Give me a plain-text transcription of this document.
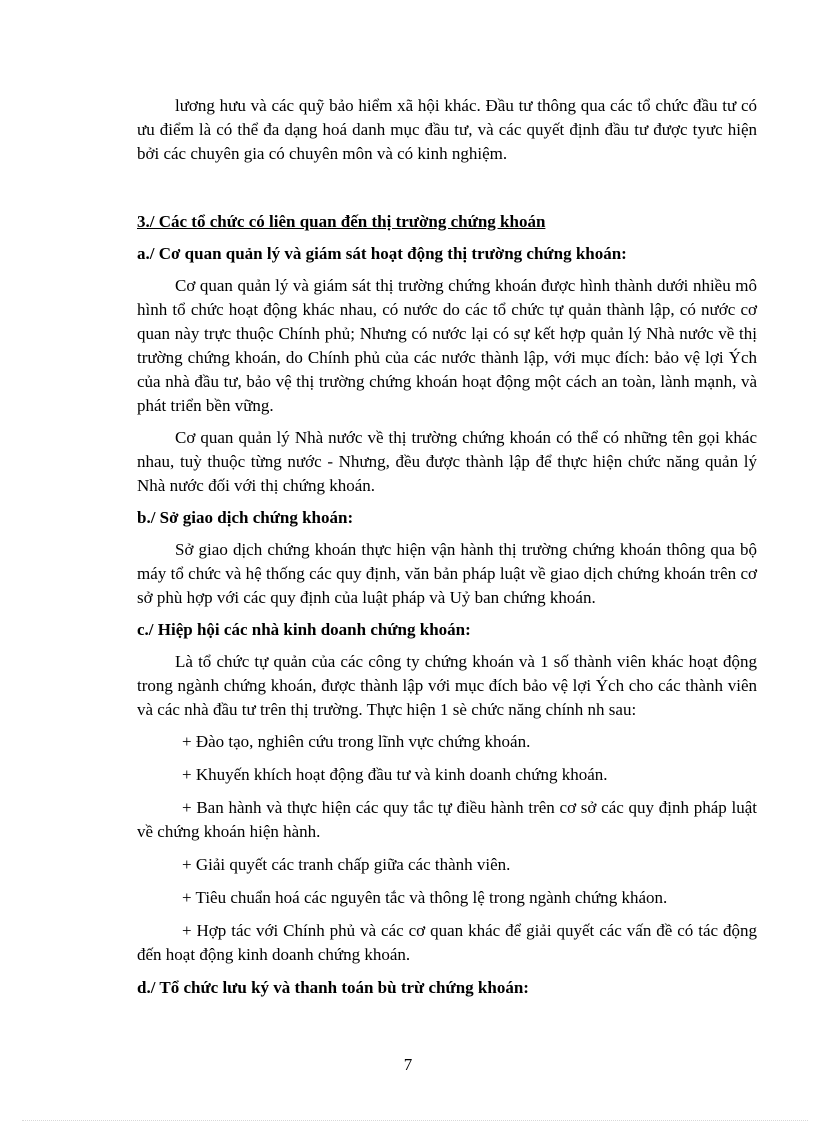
lương hưu và các quỹ bảo hiểm xã hội khác. Đầu tư thông qua các tổ chức đầu tư có ưu điểm là có thể đa dạng hoá danh mục đầu tư, và các quyết định đầu tư được tyưc hiện bởi các chuyên gia có chuyên môn và có kinh nghiệm.

3./ Các tổ chức có liên quan đến thị trường chứng khoán

a./ Cơ quan quản lý và giám sát hoạt động thị trường chứng khoán:

Cơ quan quản lý và giám sát thị trường chứng khoán được hình thành dưới nhiều mô hình tổ chức hoạt động khác nhau, có nước do các tổ chức tự quản thành lập, có nước cơ quan này trực thuộc Chính phủ; Nhưng có nước lại có sự kết hợp quản lý Nhà nước về thị trường chứng khoán, do Chính phủ của các nước thành lập, với mục đích: bảo vệ lợi Ých của nhà đầu tư, bảo vệ thị trường chứng khoán hoạt động một cách an toàn, lành mạnh, và phát triển bền vững.

Cơ quan quản lý Nhà nước về thị trường chứng khoán có thể có những tên gọi khác nhau, tuỳ thuộc từng nước - Nhưng, đều được thành lập để thực hiện chức năng quản lý Nhà nước đối với thị chứng khoán.

b./ Sở giao dịch chứng khoán:

Sở giao dịch chứng khoán thực hiện vận hành thị trường chứng khoán thông qua bộ máy tổ chức và hệ thống các quy định, văn bản pháp luật về giao dịch chứng khoán trên cơ sở phù hợp với các quy định của luật pháp và Uỷ ban chứng khoán.

c./ Hiệp hội các nhà kinh doanh chứng khoán:

Là tổ chức tự quản của các công ty chứng khoán và 1 số thành viên khác hoạt động trong ngành chứng khoán, được thành lập với mục đích bảo vệ lợi Ých cho các thành viên và các nhà đầu tư trên thị trường. Thực hiện 1 sè chức năng chính nh sau:

+ Đào tạo, nghiên cứu trong lĩnh vực chứng khoán.

+ Khuyến khích hoạt động đầu tư và kinh doanh chứng khoán.

+ Ban hành và thực hiện các quy tắc tự điều hành trên cơ sở các quy định pháp luật về chứng khoán hiện hành.

+ Giải quyết các tranh chấp giữa các thành viên.

+ Tiêu chuẩn hoá các nguyên tắc và thông lệ trong ngành chứng kháon.

+ Hợp tác với Chính phủ và các cơ quan khác để giải quyết các vấn đề có tác động đến hoạt động kinh doanh chứng khoán.

d./ Tổ chức lưu ký và thanh toán bù trừ chứng khoán:

7
